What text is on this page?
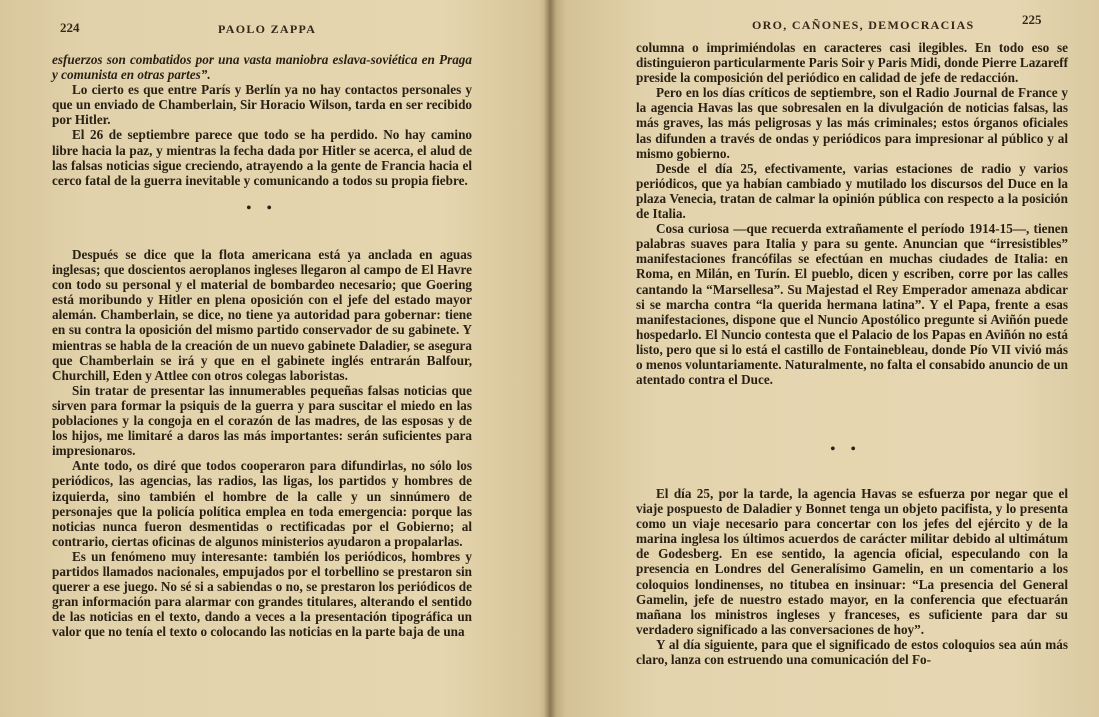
224	PAOLO ZAPPA

esfuerzos son combatidos por una vasta maniobra eslava-soviética en Praga y comunista en otras partes”.

Lo cierto es que entre París y Berlín ya no hay contactos personales y que un enviado de Chamberlain, Sir Horacio Wilson, tarda en ser recibido por Hitler.

El 26 de septiembre parece que todo se ha perdido. No hay camino libre hacia la paz, y mientras la fecha dada por Hitler se acerca, el alud de las falsas noticias sigue creciendo, atrayendo a la gente de Francia hacia el cerco fatal de la guerra inevitable y comunicando a todos su propia fiebre.

• •

Después se dice que la flota americana está ya anclada en aguas inglesas; que doscientos aeroplanos ingleses llegaron al campo de El Havre con todo su personal y el material de bombardeo necesario; que Goering está moribundo y Hitler en plena oposición con el jefe del estado mayor alemán. Chamberlain, se dice, no tiene ya autoridad para gobernar: tiene en su contra la oposición del mismo partido conservador de su gabinete. Y mientras se habla de la creación de un nuevo gabinete Daladier, se asegura que Chamberlain se irá y que en el gabinete inglés entrarán Balfour, Churchill, Eden y Attlee con otros colegas laboristas.

Sin tratar de presentar las innumerables pequeñas falsas noticias que sirven para formar la psiquis de la guerra y para suscitar el miedo en las poblaciones y la congoja en el corazón de las madres, de las esposas y de los hijos, me limitaré a daros las más importantes: serán suficientes para impresionaros.

Ante todo, os diré que todos cooperaron para difundirlas, no sólo los periódicos, las agencias, las radios, las ligas, los partidos y hombres de izquierda, sino también el hombre de la calle y un sinnúmero de personajes que la policía política emplea en toda emergencia: porque las noticias nunca fueron desmentidas o rectificadas por el Gobierno; al contrario, ciertas oficinas de algunos ministerios ayudaron a propalarlas.

Es un fenómeno muy interesante: también los periódicos, hombres y partidos llamados nacionales, empujados por el torbellino se prestaron sin querer a ese juego. No sé si a sabiendas o no, se prestaron los periódicos de gran información para alarmar con grandes titulares, alterando el sentido de las noticias en el texto, dando a veces a la presentación tipográfica un valor que no tenía el texto o colocando las noticias en la parte baja de una

ORO, CAÑONES, DEMOCRACIAS	225

columna o imprimiéndolas en caracteres casi ilegibles. En todo eso se distinguieron particularmente Paris Soir y Paris Midi, donde Pierre Lazareff preside la composición del periódico en calidad de jefe de redacción.

Pero en los días críticos de septiembre, son el Radio Journal de France y la agencia Havas las que sobresalen en la divulgación de noticias falsas, las más graves, las más peligrosas y las más criminales; estos órganos oficiales las difunden a través de ondas y periódicos para impresionar al público y al mismo gobierno.

Desde el día 25, efectivamente, varias estaciones de radio y varios periódicos, que ya habían cambiado y mutilado los discursos del Duce en la plaza Venecia, tratan de calmar la opinión pública con respecto a la posición de Italia.

Cosa curiosa —que recuerda extrañamente el período 1914-15—, tienen palabras suaves para Italia y para su gente. Anuncian que “irresistibles” manifestaciones francófilas se efectúan en muchas ciudades de Italia: en Roma, en Milán, en Turín. El pueblo, dicen y escriben, corre por las calles cantando la “Marsellesa”. Su Majestad el Rey Emperador amenaza abdicar si se marcha contra “la querida hermana latina”. Y el Papa, frente a esas manifestaciones, dispone que el Nuncio Apostólico pregunte si Aviñón puede hospedarlo. El Nuncio contesta que el Palacio de los Papas en Aviñón no está listo, pero que si lo está el castillo de Fontainebleau, donde Pío VII vivió más o menos voluntariamente. Naturalmente, no falta el consabido anuncio de un atentado contra el Duce.

• •

El día 25, por la tarde, la agencia Havas se esfuerza por negar que el viaje pospuesto de Daladier y Bonnet tenga un objeto pacifista, y lo presenta como un viaje necesario para concertar con los jefes del ejército y de la marina inglesa los últimos acuerdos de carácter militar debido al ultimátum de Godesberg. En ese sentido, la agencia oficial, especulando con la presencia en Londres del Generalísimo Gamelin, en un comentario a los coloquios londinenses, no titubea en insinuar: “La presencia del General Gamelin, jefe de nuestro estado mayor, en la conferencia que efectuarán mañana los ministros ingleses y franceses, es suficiente para dar su verdadero significado a las conversaciones de hoy”.

Y al día siguiente, para que el significado de estos coloquios sea aún más claro, lanza con estruendo una comunicación del Fo-
